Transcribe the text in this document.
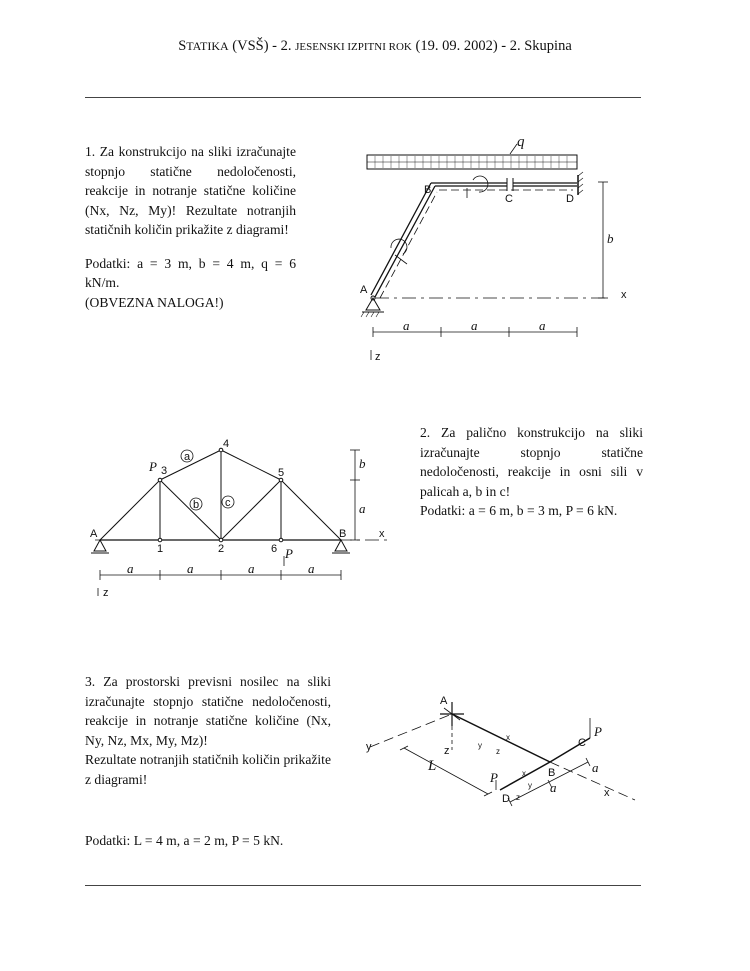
STATIKA (VSŠ) - 2. JESENSKI IZPITNI ROK (19. 09. 2002) - 2. Skupina

1. Za konstrukcijo na sliki izračunajte stopnjo statične nedoločenosti, reakcije in notranje statične količine (Nx, Nz, My)! Rezultate notranjih statičnih količin prikažite z diagrami!

Podatki: a = 3 m, b = 4 m, q = 6 kN/m.

(OBVEZNA NALOGA!)

q
B
C	D
A
b
x
z
a	a	a
A	B
1	2
3
4
5
6
P
P
a
b c
b
a
x
z
a	a	a	a

2. Za palično konstrukcijo na sliki izračunajte stopnjo statične nedoločenosti, reakcije in osni sili v palicah a, b in c!

Podatki: a = 6 m, b = 3 m, P = 6 kN.

3. Za prostorski previsni nosilec na sliki izračunajte stopnjo statične nedoločenosti, reakcije in notranje statične količine (Nx, Ny, Nz, Mx, My, Mz)!

Rezultate notranjih statičnih količin prikažite z diagrami!

Podatki: L = 4 m, a = 2 m, P = 5 kN.

A
B
C
D
L
P
P
a
a
y	z
x
y
x
z
y
x
z
